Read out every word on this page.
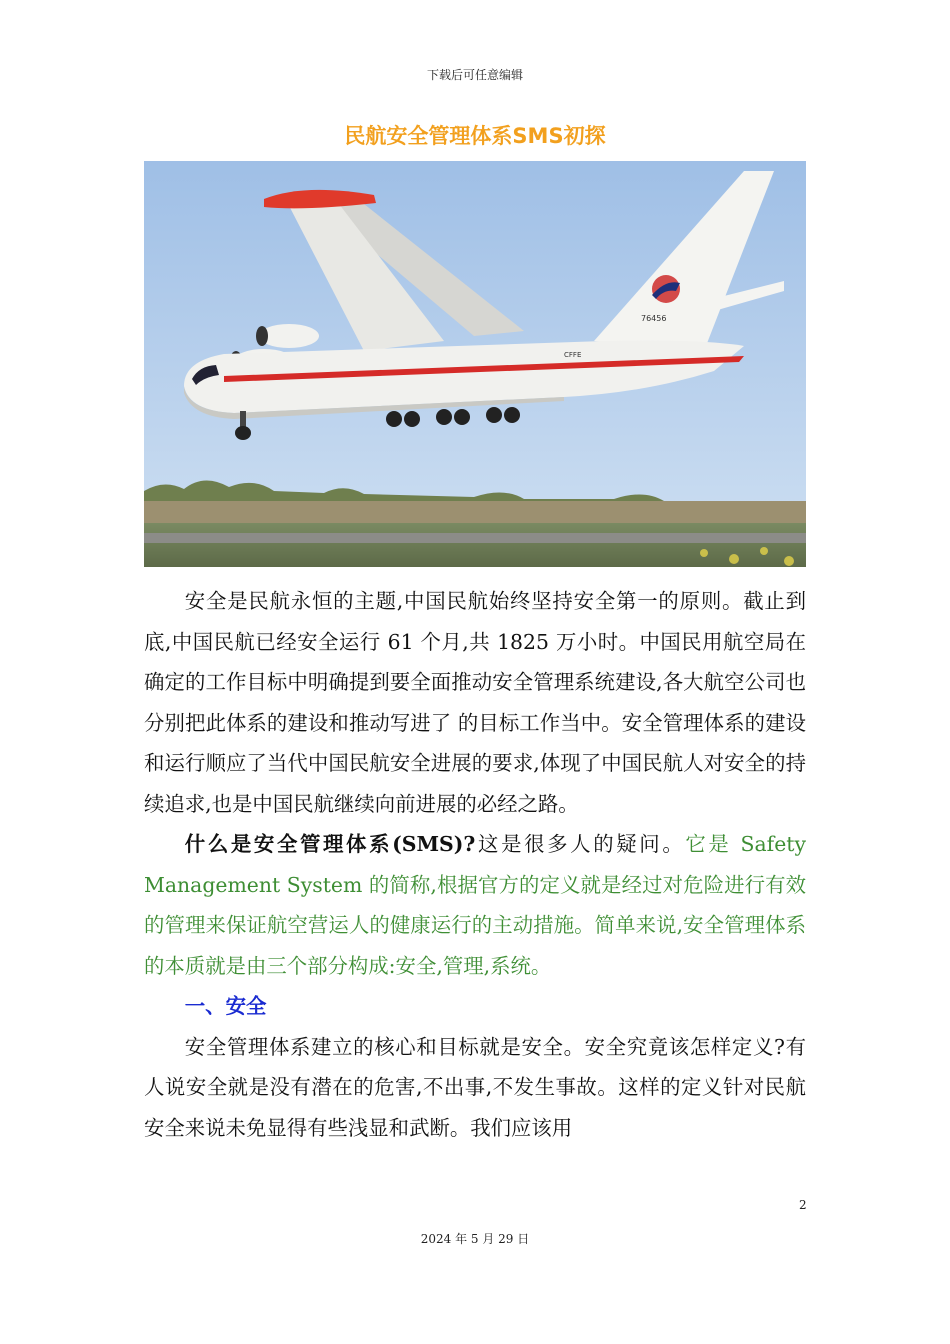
下载后可任意编辑
民航安全管理体系SMS初探
76456
CFFE

安全是民航永恒的主题,中国民航始终坚持安全第一的原则。截止到 底,中国民航已经安全运行 61 个月,共 1825 万小时。中国民用航空局在 确定的工作目标中明确提到要全面推动安全管理系统建设,各大航空公司也分别把此体系的建设和推动写进了 的目标工作当中。安全管理体系的建设和运行顺应了当代中国民航安全进展的要求,体现了中国民航人对安全的持续追求,也是中国民航继续向前进展的必经之路。

什么是安全管理体系(SMS)?这是很多人的疑问。它是 Safety Management System 的简称,根据官方的定义就是经过对危险进行有效的管理来保证航空营运人的健康运行的主动措施。简单来说,安全管理体系的本质就是由三个部分构成:安全,管理,系统。

一、安全

安全管理体系建立的核心和目标就是安全。安全究竟该怎样定义?有人说安全就是没有潜在的危害,不出事,不发生事故。这样的定义针对民航安全来说未免显得有些浅显和武断。我们应该用

2
2024 年 5 月 29 日
